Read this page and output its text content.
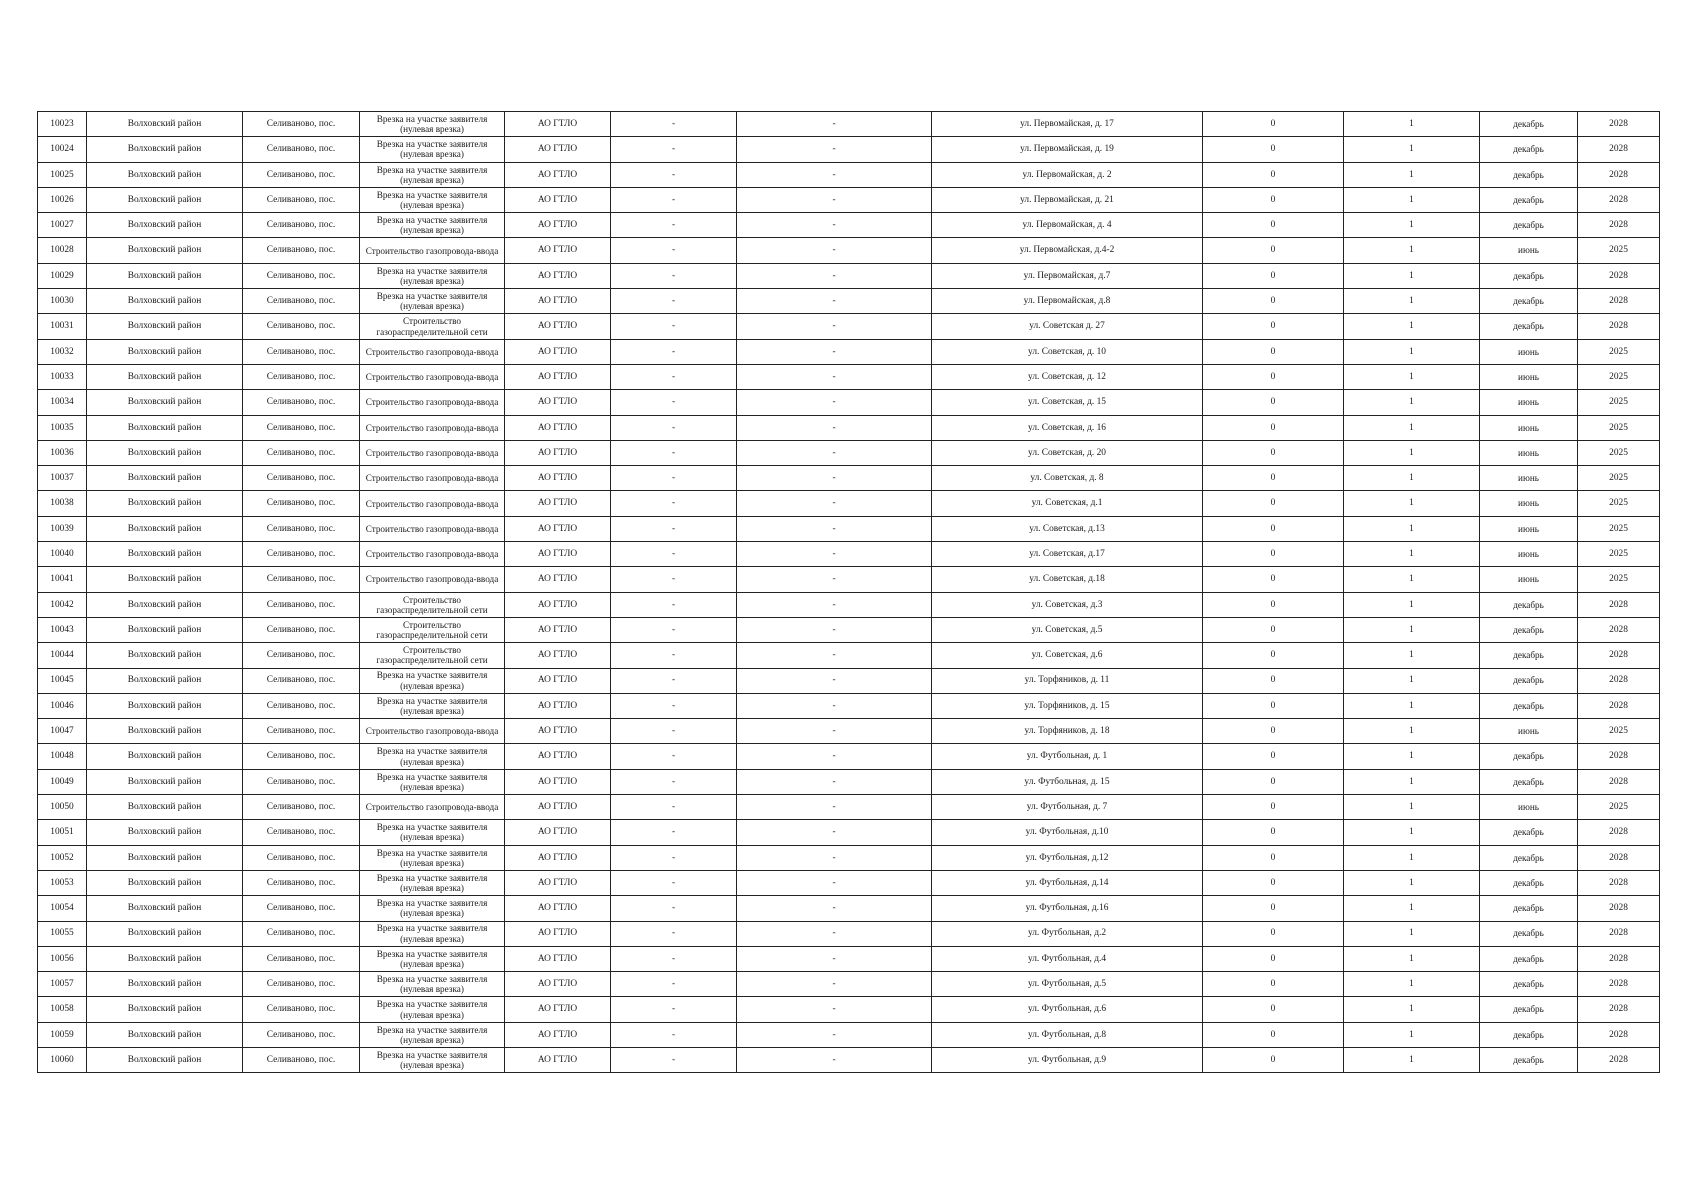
10023	Волховский район	Селиваново, пос.	Врезка на участке заявителя (нулевая врезка)	АО ГТЛО	-	-	ул. Первомайская, д. 17	0	1	декабрь	2028
10024	Волховский район	Селиваново, пос.	Врезка на участке заявителя (нулевая врезка)	АО ГТЛО	-	-	ул. Первомайская, д. 19	0	1	декабрь	2028
10025	Волховский район	Селиваново, пос.	Врезка на участке заявителя (нулевая врезка)	АО ГТЛО	-	-	ул. Первомайская, д. 2	0	1	декабрь	2028
10026	Волховский район	Селиваново, пос.	Врезка на участке заявителя (нулевая врезка)	АО ГТЛО	-	-	ул. Первомайская, д. 21	0	1	декабрь	2028
10027	Волховский район	Селиваново, пос.	Врезка на участке заявителя (нулевая врезка)	АО ГТЛО	-	-	ул. Первомайская, д. 4	0	1	декабрь	2028
10028	Волховский район	Селиваново, пос.	Строительство газопровода-ввода	АО ГТЛО	-	-	ул. Первомайская, д.4-2	0	1	июнь	2025
10029	Волховский район	Селиваново, пос.	Врезка на участке заявителя (нулевая врезка)	АО ГТЛО	-	-	ул. Первомайская, д.7	0	1	декабрь	2028
10030	Волховский район	Селиваново, пос.	Врезка на участке заявителя (нулевая врезка)	АО ГТЛО	-	-	ул. Первомайская, д.8	0	1	декабрь	2028
10031	Волховский район	Селиваново, пос.	Строительство газораспределительной сети	АО ГТЛО	-	-	ул. Советская д. 27	0	1	декабрь	2028
10032	Волховский район	Селиваново, пос.	Строительство газопровода-ввода	АО ГТЛО	-	-	ул. Советская, д. 10	0	1	июнь	2025
10033	Волховский район	Селиваново, пос.	Строительство газопровода-ввода	АО ГТЛО	-	-	ул. Советская, д. 12	0	1	июнь	2025
10034	Волховский район	Селиваново, пос.	Строительство газопровода-ввода	АО ГТЛО	-	-	ул. Советская, д. 15	0	1	июнь	2025
10035	Волховский район	Селиваново, пос.	Строительство газопровода-ввода	АО ГТЛО	-	-	ул. Советская, д. 16	0	1	июнь	2025
10036	Волховский район	Селиваново, пос.	Строительство газопровода-ввода	АО ГТЛО	-	-	ул. Советская, д. 20	0	1	июнь	2025
10037	Волховский район	Селиваново, пос.	Строительство газопровода-ввода	АО ГТЛО	-	-	ул. Советская, д. 8	0	1	июнь	2025
10038	Волховский район	Селиваново, пос.	Строительство газопровода-ввода	АО ГТЛО	-	-	ул. Советская, д.1	0	1	июнь	2025
10039	Волховский район	Селиваново, пос.	Строительство газопровода-ввода	АО ГТЛО	-	-	ул. Советская, д.13	0	1	июнь	2025
10040	Волховский район	Селиваново, пос.	Строительство газопровода-ввода	АО ГТЛО	-	-	ул. Советская, д.17	0	1	июнь	2025
10041	Волховский район	Селиваново, пос.	Строительство газопровода-ввода	АО ГТЛО	-	-	ул. Советская, д.18	0	1	июнь	2025
10042	Волховский район	Селиваново, пос.	Строительство газораспределительной сети	АО ГТЛО	-	-	ул. Советская, д.3	0	1	декабрь	2028
10043	Волховский район	Селиваново, пос.	Строительство газораспределительной сети	АО ГТЛО	-	-	ул. Советская, д.5	0	1	декабрь	2028
10044	Волховский район	Селиваново, пос.	Строительство газораспределительной сети	АО ГТЛО	-	-	ул. Советская, д.6	0	1	декабрь	2028
10045	Волховский район	Селиваново, пос.	Врезка на участке заявителя (нулевая врезка)	АО ГТЛО	-	-	ул. Торфяников, д. 11	0	1	декабрь	2028
10046	Волховский район	Селиваново, пос.	Врезка на участке заявителя (нулевая врезка)	АО ГТЛО	-	-	ул. Торфяников, д. 15	0	1	декабрь	2028
10047	Волховский район	Селиваново, пос.	Строительство газопровода-ввода	АО ГТЛО	-	-	ул. Торфяников, д. 18	0	1	июнь	2025
10048	Волховский район	Селиваново, пос.	Врезка на участке заявителя (нулевая врезка)	АО ГТЛО	-	-	ул. Футбольная, д. 1	0	1	декабрь	2028
10049	Волховский район	Селиваново, пос.	Врезка на участке заявителя (нулевая врезка)	АО ГТЛО	-	-	ул. Футбольная, д. 15	0	1	декабрь	2028
10050	Волховский район	Селиваново, пос.	Строительство газопровода-ввода	АО ГТЛО	-	-	ул. Футбольная, д. 7	0	1	июнь	2025
10051	Волховский район	Селиваново, пос.	Врезка на участке заявителя (нулевая врезка)	АО ГТЛО	-	-	ул. Футбольная, д.10	0	1	декабрь	2028
10052	Волховский район	Селиваново, пос.	Врезка на участке заявителя (нулевая врезка)	АО ГТЛО	-	-	ул. Футбольная, д.12	0	1	декабрь	2028
10053	Волховский район	Селиваново, пос.	Врезка на участке заявителя (нулевая врезка)	АО ГТЛО	-	-	ул. Футбольная, д.14	0	1	декабрь	2028
10054	Волховский район	Селиваново, пос.	Врезка на участке заявителя (нулевая врезка)	АО ГТЛО	-	-	ул. Футбольная, д.16	0	1	декабрь	2028
10055	Волховский район	Селиваново, пос.	Врезка на участке заявителя (нулевая врезка)	АО ГТЛО	-	-	ул. Футбольная, д.2	0	1	декабрь	2028
10056	Волховский район	Селиваново, пос.	Врезка на участке заявителя (нулевая врезка)	АО ГТЛО	-	-	ул. Футбольная, д.4	0	1	декабрь	2028
10057	Волховский район	Селиваново, пос.	Врезка на участке заявителя (нулевая врезка)	АО ГТЛО	-	-	ул. Футбольная, д.5	0	1	декабрь	2028
10058	Волховский район	Селиваново, пос.	Врезка на участке заявителя (нулевая врезка)	АО ГТЛО	-	-	ул. Футбольная, д.6	0	1	декабрь	2028
10059	Волховский район	Селиваново, пос.	Врезка на участке заявителя (нулевая врезка)	АО ГТЛО	-	-	ул. Футбольная, д.8	0	1	декабрь	2028
10060	Волховский район	Селиваново, пос.	Врезка на участке заявителя (нулевая врезка)	АО ГТЛО	-	-	ул. Футбольная, д.9	0	1	декабрь	2028
